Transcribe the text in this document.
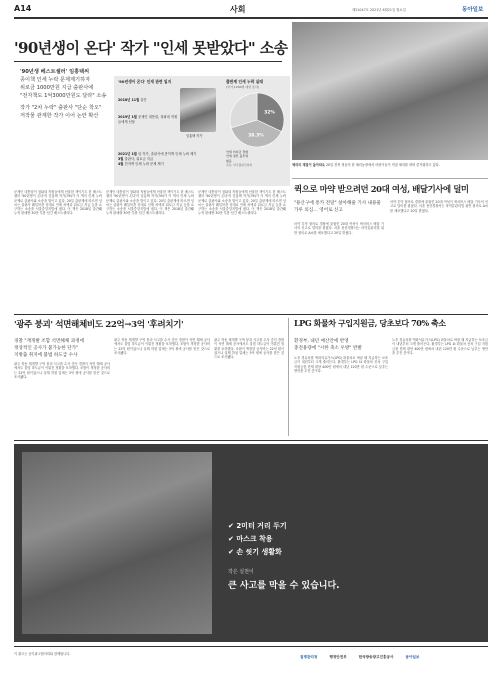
A14	사회	제31047호 2021년 6월21일 월요일	동아일보
'90년생이 온다' 작가 "인세 못받았다" 소송
'90년생 베스트셀러' 임홍택씨
종이책 인세 누락 문제제기하자
위로금 1000만원 지급 출판사에
"전자책도 1억3000만원도 달라" 소송
작가 "2차 누락" 출판사 "단순 착오"
저작물 관계한 작가 이어 논란 확산
'90년생이 온다' 인세 관련 일지
임홍택 작가
2018년 11월 출간
2019년 1월 문재인 대통령, 청와대 직원들에게 선물
2021년 1월 임 작가, 출판사에 종이책 인세 누락 제기
3월 출판사, 위로금 지급
4월 전자책 인세 누락 문제 제기
출판계 인세 누락 실태
(작가 1200명 대상 조사)
32%
38.3%
인세 미지급 경험
인세 정산 불투명
없음
자료: 한국출판인회의
문재인 대통령이 청와대 직원들에게 선물한 책이기도 한 베스트셀러 '90년생이 온다'의 임홍택 작가(39)가 이 책의 인세 누락 문제로 출판사와 소송을 벌이고 있다. 20일 출판계에 따르면 임씨는 출판사 웨일북을 상대로 인세 차액과 위로금 지급 등을 요구하는 소송을 서울중앙지법에 냈다. 이 책은 2018년 출간돼 누적 판매량 30만 부를 넘긴 베스트셀러다.
문재인 대통령이 청와대 직원들에게 선물한 책이기도 한 베스트셀러 '90년생이 온다'의 임홍택 작가(39)가 이 책의 인세 누락 문제로 출판사와 소송을 벌이고 있다. 20일 출판계에 따르면 임씨는 출판사 웨일북을 상대로 인세 차액과 위로금 지급 등을 요구하는 소송을 서울중앙지법에 냈다. 이 책은 2018년 출간돼 누적 판매량 30만 부를 넘긴 베스트셀러다.
문재인 대통령이 청와대 직원들에게 선물한 책이기도 한 베스트셀러 '90년생이 온다'의 임홍택 작가(39)가 이 책의 인세 누락 문제로 출판사와 소송을 벌이고 있다. 20일 출판계에 따르면 임씨는 출판사 웨일북을 상대로 인세 차액과 위로금 지급 등을 요구하는 소송을 서울중앙지법에 냈다. 이 책은 2018년 출간돼 누적 판매량 30만 부를 넘긴 베스트셀러다.
체리의 계절이 돌아와요 20일 전북 정읍의 한 체리농장에서 어린이들이 직접 체리를 따며 즐거워하고 있다.
퀵으로 마약 받으려던 20대 여성, 배달기사에 덜미
"용산구에 통카 전달" 살아해줄 기사 내용물 가루 의심… 영어로 신고
마약 투약 혐의로 경찰에 붙잡힌 20대 여성이 퀵서비스 배달 기사의 신고로 덜미를 잡혔다. 서울 용산경찰서는 마약류관리법 위반 혐의로 A씨를 체포했다고 20일 밝혔다.
마약 투약 혐의로 경찰에 붙잡힌 20대 여성이 퀵서비스 배달 기사의 신고로 덜미를 잡혔다. 서울 용산경찰서는 마약류관리법 위반 혐의로 A씨를 체포했다고 20일 밝혔다.
'광주 붕괴' 석면해체비도 22억→3억 '후려치기'
경찰 "재개발 조합 석면해체 과정에
정상적인 공사가 불가능한 단가"
지방출 취지에 불법 하도급 수사
광주 학동 재개발 구역 붕괴 사고를 수사 중인 경찰이 석면 해체 공사에서도 불법 하도급이 이뤄진 정황을 포착했다. 조합이 책정한 공사비는 22억 원이었으나 실제 하청 업체는 3억 원에 공사를 맡은 것으로 조사됐다.
광주 학동 재개발 구역 붕괴 사고를 수사 중인 경찰이 석면 해체 공사에서도 불법 하도급이 이뤄진 정황을 포착했다. 조합이 책정한 공사비는 22억 원이었으나 실제 하청 업체는 3억 원에 공사를 맡은 것으로 조사됐다.
광주 학동 재개발 구역 붕괴 사고를 수사 중인 경찰이 석면 해체 공사에서도 불법 하도급이 이뤄진 정황을 포착했다. 조합이 책정한 공사비는 22억 원이었으나 실제 하청 업체는 3억 원에 공사를 맡은 것으로 조사됐다.
LPG 화물차 구입지원금, 당초보다 70% 축소
환경부, 내년 예산안에 반영
충전용량에 "시한 축소 우방" 반발
노후 경유차를 액화석유가스(LPG) 화물차로 바꿀 때 지급하는 보조금이 내년부터 크게 줄어든다. 환경부는 LPG 1t 화물차 신차 구입 지원금을 현재 대당 400만 원에서 내년 120만 원 수준으로 낮추는 방안을 추진 중이다.
노후 경유차를 액화석유가스(LPG) 화물차로 바꿀 때 지급하는 보조금이 내년부터 크게 줄어든다. 환경부는 LPG 1t 화물차 신차 구입 지원금을 현재 대당 400만 원에서 내년 120만 원 수준으로 낮추는 방안을 추진 중이다.
✔ 2미터 거리 두기
✔ 마스크 착용
✔ 손 씻기 생활화
작은 실천이
큰 사고를 막을 수 있습니다.
이 광고는 공익광고협의회와 함께합니다.
질병관리청	행정안전부	한국방송광고진흥공사	동아일보
